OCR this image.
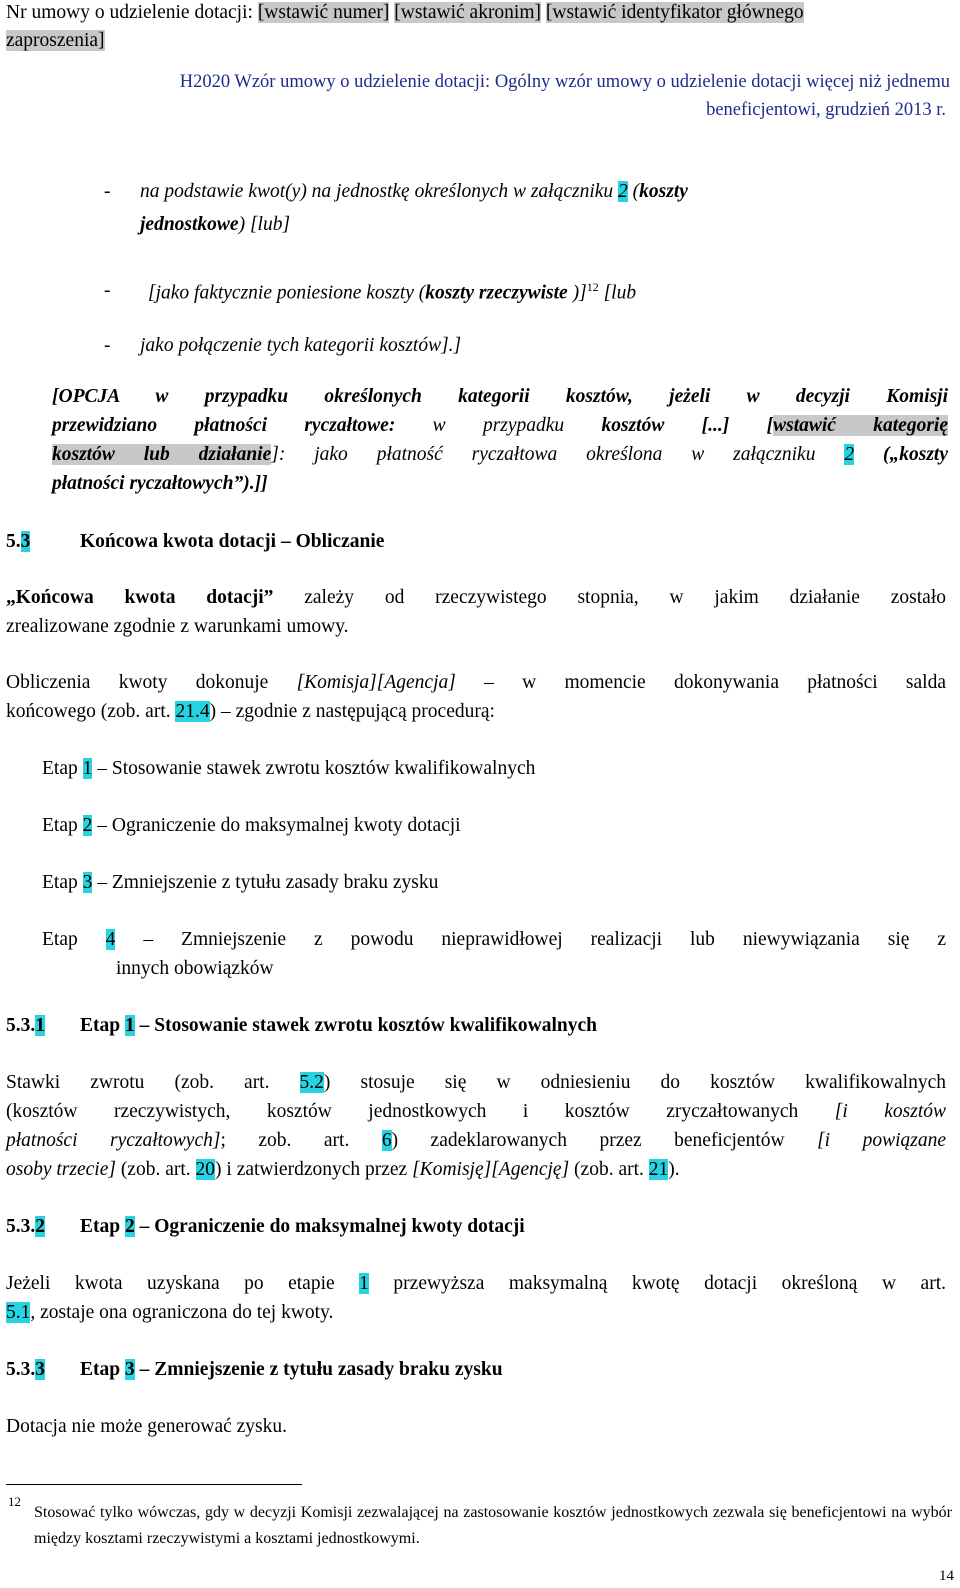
Nr umowy o udzielenie dotacji: [wstawić numer] [wstawić akronim] [wstawić identyfikator głównego
zaproszenia]
H2020 Wzór umowy o udzielenie dotacji: Ogólny wzór umowy o udzielenie dotacji więcej niż jednemu
beneficjentowi, grudzień 2013 r.
- na podstawie kwot(y) na jednostkę określonych w załączniku 2 (koszty
jednostkowe) [lub]
- [jako faktycznie poniesione koszty (koszty rzeczywiste )]$^{12}$ [lub
- jako połączenie tych kategorii kosztów].]
[OPCJA w przypadku określonych kategorii kosztów, jeżeli w decyzji Komisji
przewidziano płatności ryczałtowe: w przypadku kosztów [...] [wstawić kategorię
kosztów lub działanie]: jako płatność ryczałtowa określona w załączniku 2 („koszty
płatności ryczałtowych”).]]
5.3	Końcowa kwota dotacji – Obliczanie
„Końcowa kwota dotacji” zależy od rzeczywistego stopnia, w jakim działanie zostało
zrealizowane zgodnie z warunkami umowy.
Obliczenia kwoty dokonuje [Komisja][Agencja] – w momencie dokonywania płatności salda
końcowego (zob. art. 21.4) – zgodnie z następującą procedurą:
Etap 1 – Stosowanie stawek zwrotu kosztów kwalifikowalnych
Etap 2 – Ograniczenie do maksymalnej kwoty dotacji
Etap 3 – Zmniejszenie z tytułu zasady braku zysku
Etap 4 – Zmniejszenie z powodu nieprawidłowej realizacji lub niewywiązania się z
innych obowiązków
5.3.1 Etap 1 – Stosowanie stawek zwrotu kosztów kwalifikowalnych
Stawki zwrotu (zob. art. 5.2) stosuje się w odniesieniu do kosztów kwalifikowalnych
(kosztów rzeczywistych, kosztów jednostkowych i kosztów zryczałtowanych [i kosztów
płatności ryczałtowych]; zob. art. 6) zadeklarowanych przez beneficjentów [i powiązane
osoby trzecie] (zob. art. 20) i zatwierdzonych przez [Komisję][Agencję] (zob. art. 21).
5.3.2 Etap 2 – Ograniczenie do maksymalnej kwoty dotacji
Jeżeli kwota uzyskana po etapie 1 przewyższa maksymalną kwotę dotacji określoną w art.
5.1, zostaje ona ograniczona do tej kwoty.
5.3.3 Etap 3 – Zmniejszenie z tytułu zasady braku zysku
Dotacja nie może generować zysku.
12
Stosować tylko wówczas, gdy w decyzji Komisji zezwalającej na zastosowanie kosztów jednostkowych zezwala się beneficjentowi na wybór między kosztami rzeczywistymi a kosztami jednostkowymi.
14
